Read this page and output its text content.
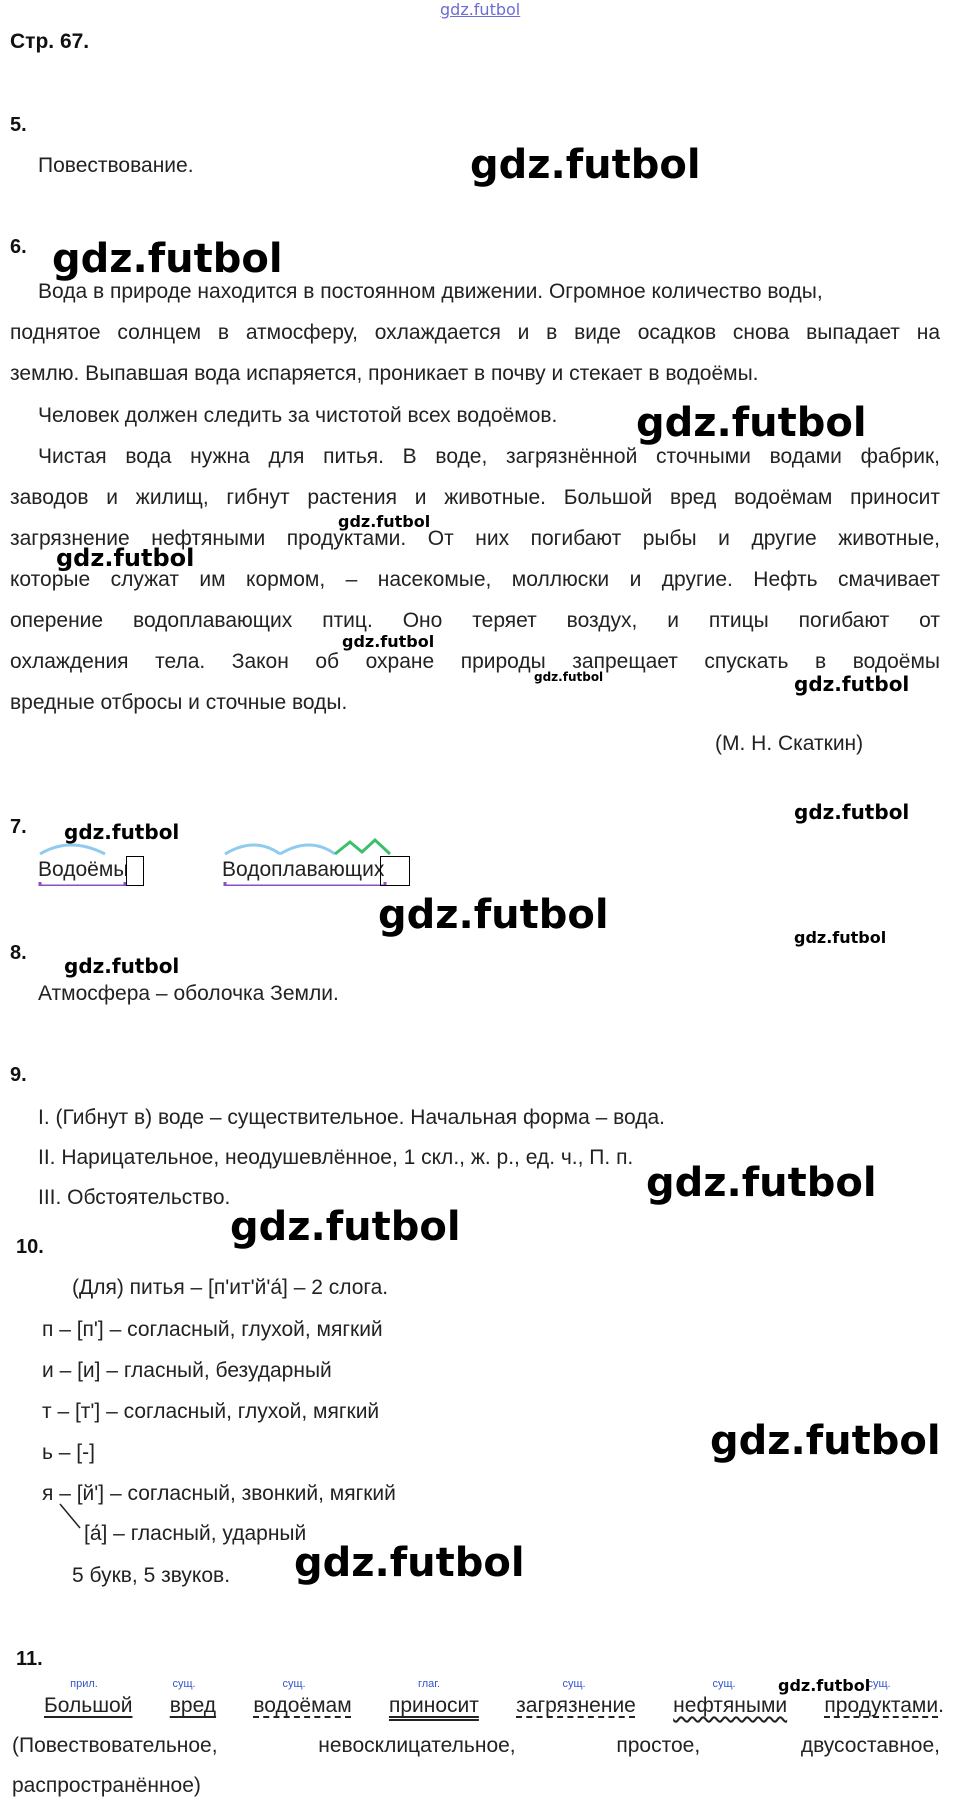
gdz.futbol
Стр. 67.
5.
Повествование.
6.
Вода в природе находится в постоянном движении. Огромное количество воды,
поднятое солнцем в атмосферу, охлаждается и в виде осадков снова выпадает на
землю. Выпавшая вода испаряется, проникает в почву и стекает в водоёмы.
Человек должен следить за чистотой всех водоёмов.
Чистая вода нужна для питья. В воде, загрязнённой сточными водами фабрик,
заводов и жилищ, гибнут растения и животные. Большой вред водоёмам приносит
загрязнение нефтяными продуктами. От них погибают рыбы и другие животные,
которые служат им кормом, – насекомые, моллюски и другие. Нефть смачивает
оперение водоплавающих птиц. Оно теряет воздух, и птицы погибают от
охлаждения тела. Закон об охране природы запрещает спускать в водоёмы
вредные отбросы и сточные воды.
(М. Н. Скаткин)
7.
Водоёмы	Водоплавающих
8.
Атмосфера – оболочка Земли.
9.
I. (Гибнут в) воде – существительное. Начальная форма – вода.
II. Нарицательное, неодушевлённое, 1 скл., ж. р., ед. ч., П. п.
III. Обстоятельство.
10.
(Для) питья – [п'ит'й'а́] – 2 слога.
п – [п'] – согласный, глухой, мягкий
и – [и] – гласный, безударный
т – [т'] – согласный, глухой, мягкий
ь – [-]
я – [й'] – согласный, звонкий, мягкий
[а́] – гласный, ударный
5 букв, 5 звуков.
11.
прил.	сущ.	сущ.	глаг.	сущ.	сущ.	сущ.
Большой вред водоёмам приносит загрязнение нефтяными продуктами.
(Повествовательное,	невосклицательное,	простое,	двусоставное,
распространённое)
gdz.futbol
gdz.futbol
gdz.futbol
gdz.futbol
gdz.futbol
gdz.futbol
gdz.futbol	gdz.futbol
gdz.futbol
gdz.futbol
gdz.futbol	gdz.futbol
gdz.futbol
gdz.futbol
gdz.futbol
gdz.futbol
gdz.futbol
gdz.futbol
